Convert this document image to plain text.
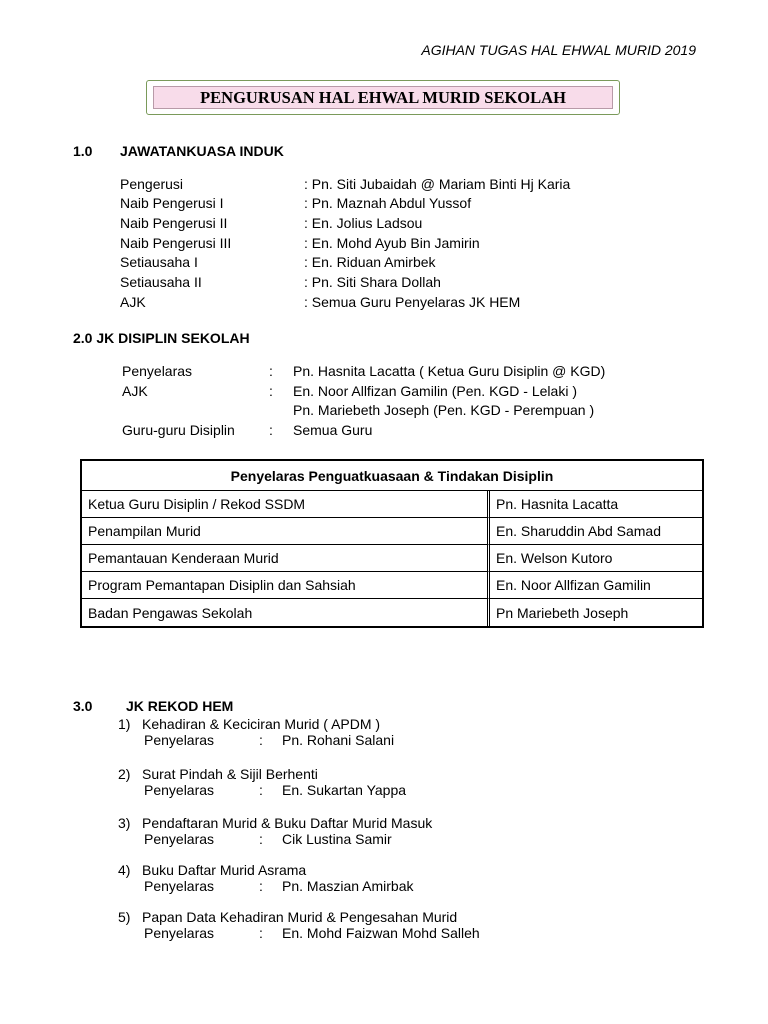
AGIHAN TUGAS HAL EHWAL MURID 2019
PENGURUSAN HAL EHWAL MURID SEKOLAH
1.0 JAWATANKUASA INDUK
Pengerusi	: Pn. Siti Jubaidah @ Mariam Binti Hj Karia
Naib Pengerusi I	: Pn. Maznah Abdul Yussof
Naib Pengerusi II	: En. Jolius Ladsou
Naib Pengerusi III	: En. Mohd Ayub Bin Jamirin
Setiausaha I	: En. Riduan Amirbek
Setiausaha II	: Pn. Siti Shara Dollah
AJK	: Semua Guru Penyelaras JK HEM
2.0 JK DISIPLIN SEKOLAH
Penyelaras	: Pn. Hasnita Lacatta ( Ketua Guru Disiplin @ KGD)
AJK	: En. Noor Allfizan Gamilin (Pen. KGD - Lelaki )
Pn. Mariebeth Joseph (Pen. KGD - Perempuan )
Guru-guru Disiplin : Semua Guru
Penyelaras Penguatkuasaan & Tindakan Disiplin	
Ketua Guru Disiplin / Rekod SSDM	Pn. Hasnita Lacatta
Penampilan Murid	En. Sharuddin Abd Samad
Pemantauan Kenderaan Murid	En. Welson Kutoro
Program Pemantapan Disiplin dan Sahsiah	En. Noor Allfizan Gamilin
Badan Pengawas Sekolah	Pn Mariebeth Joseph
3.0 JK REKOD HEM
1) Kehadiran & Keciciran Murid ( APDM )
Penyelaras	: Pn. Rohani Salani
2) Surat Pindah & Sijil Berhenti
Penyelaras	: En. Sukartan Yappa
3) Pendaftaran Murid & Buku Daftar Murid Masuk
Penyelaras	: Cik Lustina Samir
4) Buku Daftar Murid Asrama
Penyelaras	: Pn. Maszian Amirbak
5) Papan Data Kehadiran Murid & Pengesahan Murid
Penyelaras	: En. Mohd Faizwan Mohd Salleh
